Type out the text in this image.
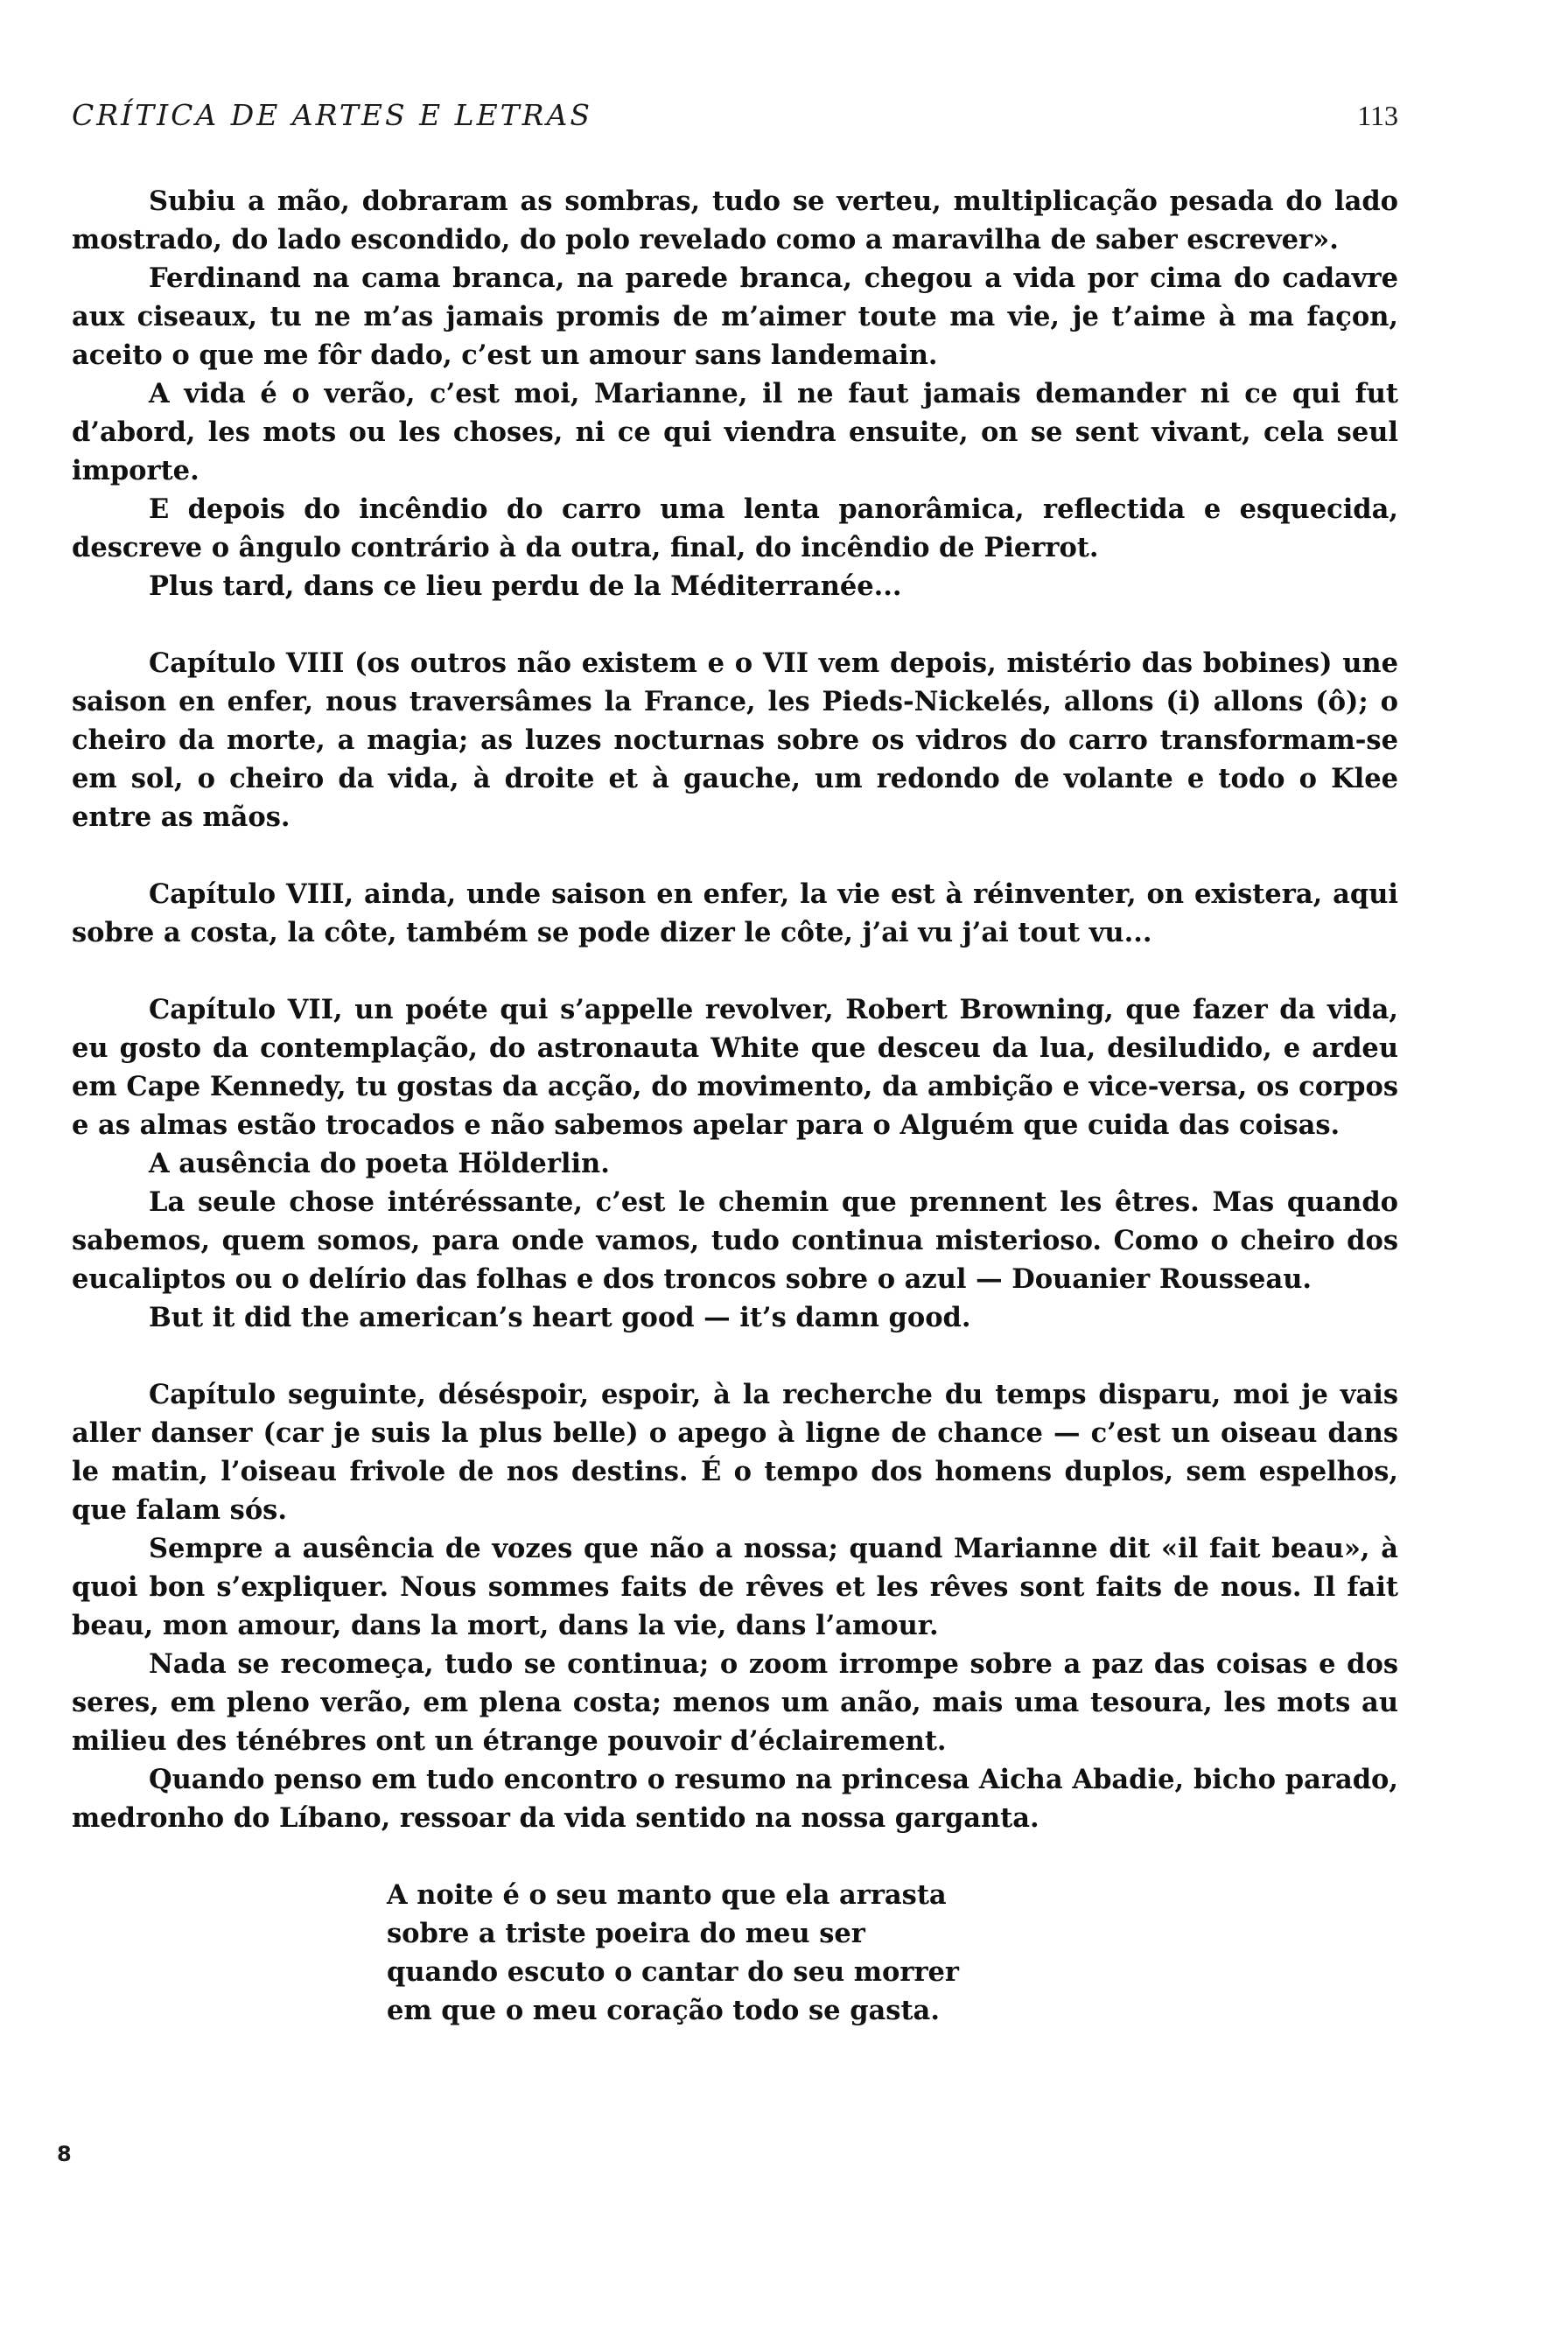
CRÍTICA DE ARTES E LETRAS	113

Subiu a mão, dobraram as sombras, tudo se verteu, multiplicação pesada do lado mostrado, do lado escondido, do polo revelado como a maravilha de saber escrever».

Ferdinand na cama branca, na parede branca, chegou a vida por cima do cadavre aux ciseaux, tu ne m’as jamais promis de m’aimer toute ma vie, je t’aime à ma façon, aceito o que me fôr dado, c’est un amour sans landemain.

A vida é o verão, c’est moi, Marianne, il ne faut jamais demander ni ce qui fut d’abord, les mots ou les choses, ni ce qui viendra ensuite, on se sent vivant, cela seul importe.

E depois do incêndio do carro uma lenta panorâmica, reflectida e esquecida, descreve o ângulo contrário à da outra, final, do incêndio de Pierrot.

Plus tard, dans ce lieu perdu de la Méditerranée...

Capítulo VIII (os outros não existem e o VII vem depois, mistério das bobines) une saison en enfer, nous traversâmes la France, les Pieds-Nickelés, allons (i) allons (ô); o cheiro da morte, a magia; as luzes nocturnas sobre os vidros do carro transformam-se em sol, o cheiro da vida, à droite et à gauche, um redondo de volante e todo o Klee entre as mãos.

Capítulo VIII, ainda, unde saison en enfer, la vie est à réinventer, on existera, aqui sobre a costa, la côte, também se pode dizer le côte, j’ai vu j’ai tout vu...

Capítulo VII, un poéte qui s’appelle revolver, Robert Browning, que fazer da vida, eu gosto da contemplação, do astronauta White que desceu da lua, desiludido, e ardeu em Cape Kennedy, tu gostas da acção, do movimento, da ambição e vice-versa, os corpos e as almas estão trocados e não sabemos apelar para o Alguém que cuida das coisas.

A ausência do poeta Hölderlin.

La seule chose intéréssante, c’est le chemin que prennent les êtres. Mas quando sabemos, quem somos, para onde vamos, tudo continua misterioso. Como o cheiro dos eucaliptos ou o delírio das folhas e dos troncos sobre o azul — Douanier Rousseau.

But it did the american’s heart good — it’s damn good.

Capítulo seguinte, déséspoir, espoir, à la recherche du temps disparu, moi je vais aller danser (car je suis la plus belle) o apego à ligne de chance — c’est un oiseau dans le matin, l’oiseau frivole de nos destins. É o tempo dos homens duplos, sem espelhos, que falam sós.

Sempre a ausência de vozes que não a nossa; quand Marianne dit «il fait beau», à quoi bon s’expliquer. Nous sommes faits de rêves et les rêves sont faits de nous. Il fait beau, mon amour, dans la mort, dans la vie, dans l’amour.

Nada se recomeça, tudo se continua; o zoom irrompe sobre a paz das coisas e dos seres, em pleno verão, em plena costa; menos um anão, mais uma tesoura, les mots au milieu des ténébres ont un étrange pouvoir d’éclairement.

Quando penso em tudo encontro o resumo na princesa Aicha Abadie, bicho parado, medronho do Líbano, ressoar da vida sentido na nossa garganta.

A noite é o seu manto que ela arrasta
sobre a triste poeira do meu ser
quando escuto o cantar do seu morrer
em que o meu coração todo se gasta.
8
